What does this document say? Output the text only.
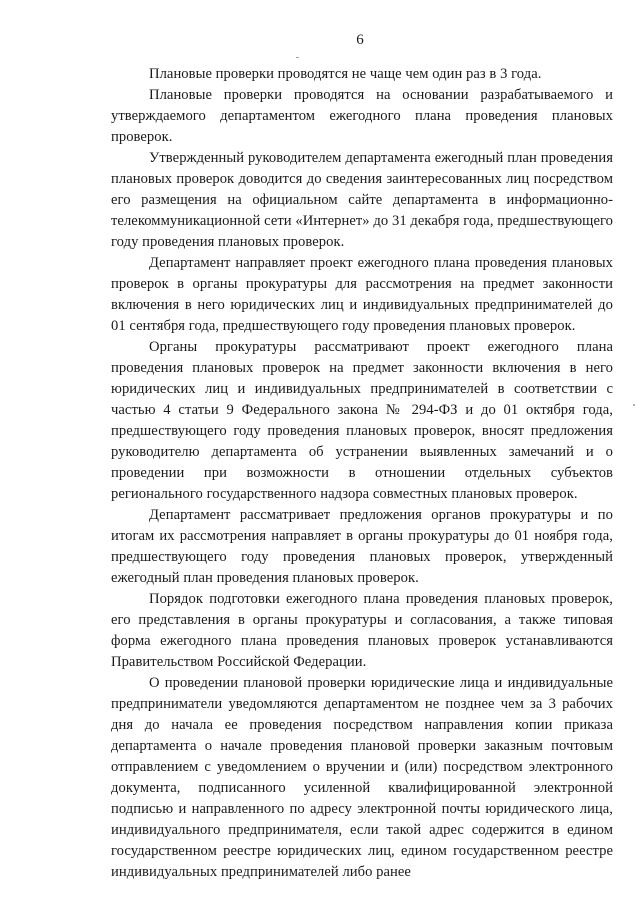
6

Плановые проверки проводятся не чаще чем один раз в 3 года.

Плановые проверки проводятся на основании разрабатываемого и утверждаемого департаментом ежегодного плана проведения плановых проверок.

Утвержденный руководителем департамента ежегодный план проведения плановых проверок доводится до сведения заинтересованных лиц посредством его размещения на официальном сайте департамента в информационно-телекоммуникационной сети «Интернет» до 31 декабря года, предшествующего году проведения плановых проверок.

Департамент направляет проект ежегодного плана проведения плановых проверок в органы прокуратуры для рассмотрения на предмет законности включения в него юридических лиц и индивидуальных предпринимателей до 01 сентября года, предшествующего году проведения плановых проверок.

Органы прокуратуры рассматривают проект ежегодного плана проведения плановых проверок на предмет законности включения в него юридических лиц и индивидуальных предпринимателей в соответствии с частью 4 статьи 9 Федерального закона № 294-ФЗ и до 01 октября года, предшествующего году проведения плановых проверок, вносят предложения руководителю департамента об устранении выявленных замечаний и о проведении при возможности в отношении отдельных субъектов регионального государственного надзора совместных плановых проверок.

Департамент рассматривает предложения органов прокуратуры и по итогам их рассмотрения направляет в органы прокуратуры до 01 ноября года, предшествующего году проведения плановых проверок, утвержденный ежегодный план проведения плановых проверок.

Порядок подготовки ежегодного плана проведения плановых проверок, его представления в органы прокуратуры и согласования, а также типовая форма ежегодного плана проведения плановых проверок устанавливаются Правительством Российской Федерации.

О проведении плановой проверки юридические лица и индивидуальные предприниматели уведомляются департаментом не позднее чем за 3 рабочих дня до начала ее проведения посредством направления копии приказа департамента о начале проведения плановой проверки заказным почтовым отправлением с уведомлением о вручении и (или) посредством электронного документа, подписанного усиленной квалифицированной электронной подписью и направленного по адресу электронной почты юридического лица, индивидуального предпринимателя, если такой адрес содержится в едином государственном реестре юридических лиц, едином государственном реестре индивидуальных предпринимателей либо ранее
